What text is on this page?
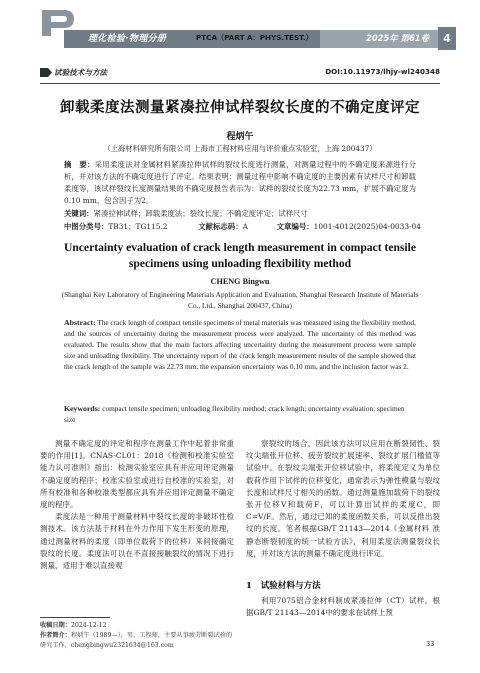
理化检验·物理分册	PTCA（PART A：PHYS.TEST.）	2025年 第61卷	4
试验技术与方法	DOI:10.11973/lhjy-wl240348
卸载柔度法测量紧凑拉伸试样裂纹长度的不确定度评定
程炳午
（上海材料研究所有限公司 上海市工程材料应用与评价重点实验室，上海 200437）
摘　要：采用柔度法对金属材料紧凑拉伸试样的裂纹长度进行测量，对测量过程中的不确定度来源进行分析，并对该方法的不确定度进行了评定。结果表明：测量过程中影响不确定度的主要因素有试样尺寸和卸载柔度等，该试样裂纹长度测量结果的不确定度报告表示为：试样的裂纹长度为22.73 mm，扩展不确定度为0.10 mm，包含因子为2。
关键词：紧凑拉伸试样；卸载柔度法；裂纹长度；不确定度评定；试样尺寸
中图分类号：TB31；TG115.2	文献标志码：A	文章编号：1001-4012(2025)04-0033-04
Uncertainty evaluation of crack length measurement in compact tensile specimens using unloading flexibility method
CHENG Bingwu
(Shanghai Key Laboratory of Engineering Materials Application and Evaluation, Shanghai Research Institute of Materials Co., Ltd., Shanghai 200437, China)
Abstract: The crack length of compact tensile specimens of metal materials was measured using the flexibility method, and the sources of uncertainty during the measurement process were analyzed. The uncertainty of this method was evaluated. The results show that the main factors affecting uncertainty during the measurement process were sample size and unloading flexibility. The uncertainty report of the crack length measurement results of the sample showed that the crack length of the sample was 22.73 mm, the expansion uncertainty was 0.10 mm, and the inclusion factor was 2.
Keywords: compact tensile specimen; unloading flexibility method; crack length; uncertainty evaluation; specimen size

测量不确定度的评定和程序在测量工作中起着非常重要的作用[1]。CNAS-CL01：2018《检测和校准实验室能力认可准则》指出：检测实验室应具有并应用评定测量不确定度的程序；校准实验室或进行自校准的实验室，对所有校准和各种校准类型都应具有并应用评定测量不确定度的程序。

柔度法是一种用于测量材料中裂纹长度的非破坏性检测技术。该方法基于材料在外力作用下发生形变的原理，通过测量材料的柔度（即单位载荷下的位移）来间接确定裂纹的长度。柔度法可以在不直接接触裂纹的情况下进行测量，适用于难以直接观

察裂纹的场合，因此该方法可以应用在断裂韧性、裂纹尖端张开位移、疲劳裂纹扩展速率、裂纹扩展门槛值等试验中。在裂纹尖端张开位移试验中，将柔度定义为单位载荷作用下试样的位移变化，通常表示为弹性模量与裂纹长度和试样尺寸相关的函数。通过测量施加载荷下的裂纹张开位移V和载荷F，可以计算出试样的柔度C，即C=V/F。然后，通过已知的柔度函数关系，可以反推出裂纹的长度。笔者根据GB/T 21143—2014《金属材料 准静态断裂韧度的统一试验方法》，利用柔度法测量裂纹长度，并对该方法的测量不确定度进行评定。

1　试验材料与方法

利用7075铝合金材料制成紧凑拉伸（CT）试样。根据GB/T 21143—2014中的要求在试样上预

收稿日期：2024-12-12
作者简介：程炳午（1989—），男，工程师，主要从事疲劳断裂试验的研究工作，chengbingwu2321634@163.com	33
